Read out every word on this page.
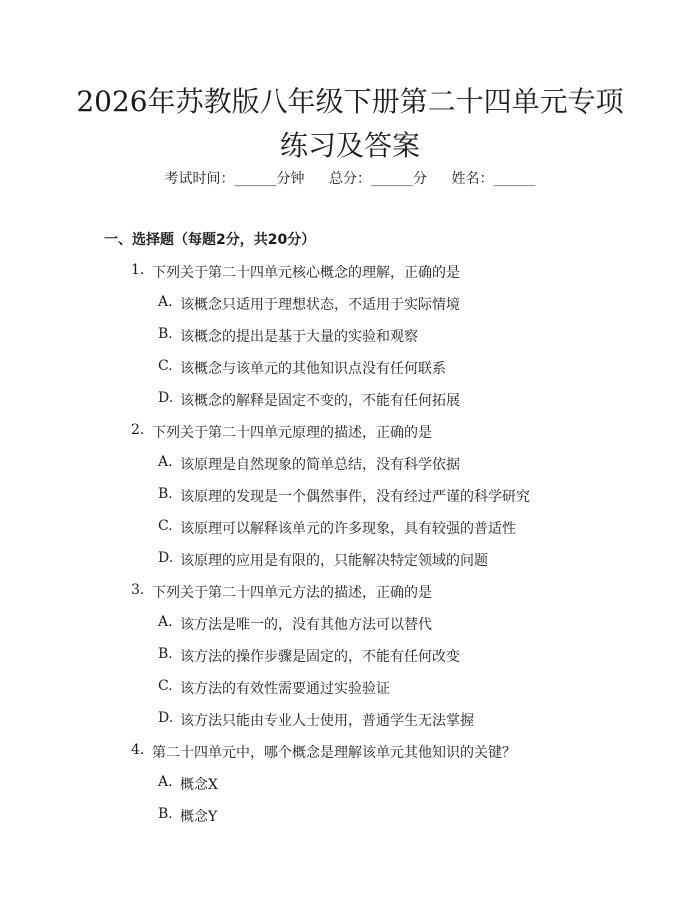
2026年苏教版八年级下册第二十四单元专项
练习及答案
考试时间：______分钟 总分：______分 姓名：______
一、选择题（每题2分，共20分）
1. 下列关于第二十四单元核心概念的理解，正确的是
A. 该概念只适用于理想状态，不适用于实际情境
B. 该概念的提出是基于大量的实验和观察
C. 该概念与该单元的其他知识点没有任何联系
D. 该概念的解释是固定不变的，不能有任何拓展
2. 下列关于第二十四单元原理的描述，正确的是
A. 该原理是自然现象的简单总结，没有科学依据
B. 该原理的发现是一个偶然事件，没有经过严谨的科学研究
C. 该原理可以解释该单元的许多现象，具有较强的普适性
D. 该原理的应用是有限的，只能解决特定领域的问题
3. 下列关于第二十四单元方法的描述，正确的是
A. 该方法是唯一的，没有其他方法可以替代
B. 该方法的操作步骤是固定的，不能有任何改变
C. 该方法的有效性需要通过实验验证
D. 该方法只能由专业人士使用，普通学生无法掌握
4. 第二十四单元中，哪个概念是理解该单元其他知识的关键？
A. 概念X
B. 概念Y
